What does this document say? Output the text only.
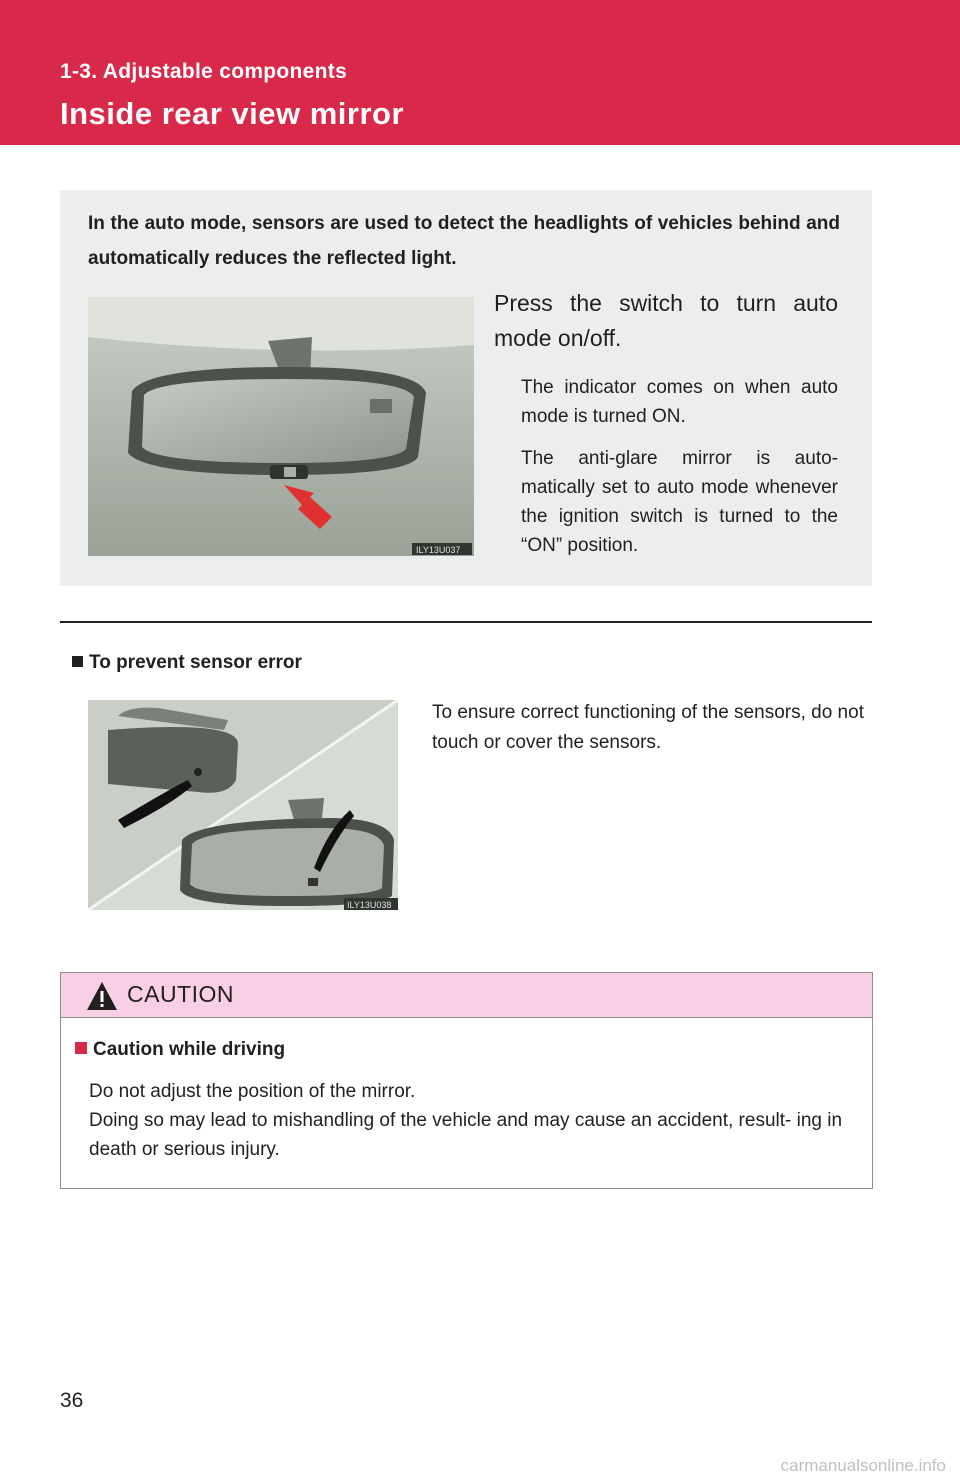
1-3. Adjustable components
Inside rear view mirror
In the auto mode, sensors are used to detect the headlights of vehicles behind and automatically reduces the reflected light.
ILY13U037
Press the switch to turn auto mode on/off.
The indicator comes on when auto mode is turned ON.
The anti-glare mirror is auto- matically set to auto mode whenever the ignition switch is turned to the “ON” position.
To prevent sensor error
ILY13U038
To ensure correct functioning of the sensors, do not touch or cover the sensors.
CAUTION
Caution while driving

Do not adjust the position of the mirror.

Doing so may lead to mishandling of the vehicle and may cause an accident, result- ing in death or serious injury.

36
carmanualsonline.info
